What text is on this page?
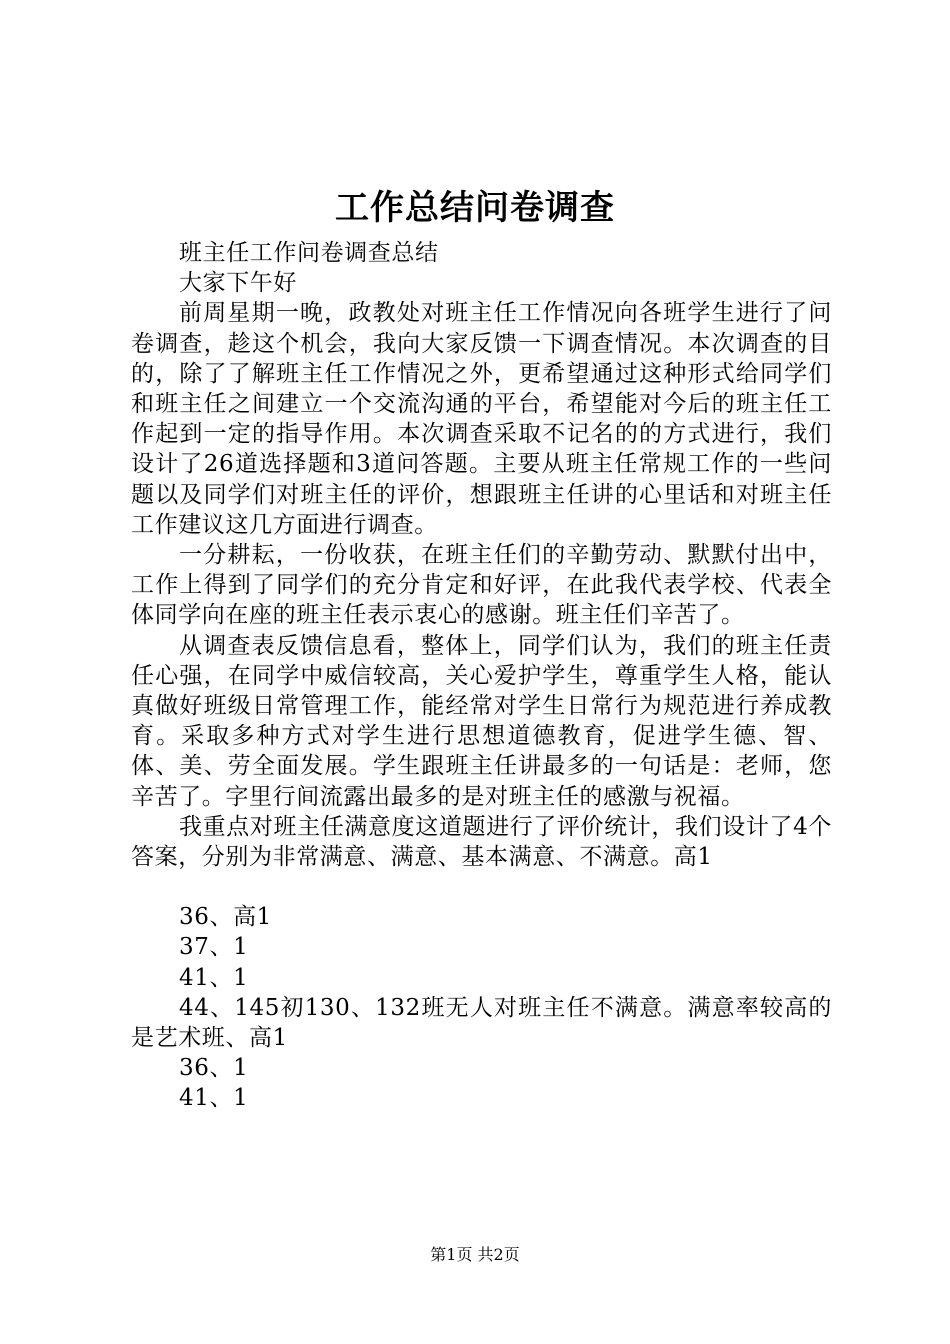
工作总结问卷调查

班主任工作问卷调查总结

大家下午好

前周星期一晚，政教处对班主任工作情况向各班学生进行了问卷调查，趁这个机会，我向大家反馈一下调查情况。本次调查的目的，除了了解班主任工作情况之外，更希望通过这种形式给同学们和班主任之间建立一个交流沟通的平台，希望能对今后的班主任工作起到一定的指导作用。本次调查采取不记名的的方式进行，我们设计了26道选择题和3道问答题。主要从班主任常规工作的一些问题以及同学们对班主任的评价，想跟班主任讲的心里话和对班主任工作建议这几方面进行调查。

一分耕耘，一份收获，在班主任们的辛勤劳动、默默付出中，工作上得到了同学们的充分肯定和好评，在此我代表学校、代表全体同学向在座的班主任表示衷心的感谢。班主任们辛苦了。

从调查表反馈信息看，整体上，同学们认为，我们的班主任责任心强，在同学中威信较高，关心爱护学生，尊重学生人格，能认真做好班级日常管理工作，能经常对学生日常行为规范进行养成教育。采取多种方式对学生进行思想道德教育，促进学生德、智、体、美、劳全面发展。学生跟班主任讲最多的一句话是：老师，您辛苦了。字里行间流露出最多的是对班主任的感激与祝福。

我重点对班主任满意度这道题进行了评价统计，我们设计了4个答案，分别为非常满意、满意、基本满意、不满意。高1

36、高1

37、1

41、1

44、145初130、132班无人对班主任不满意。满意率较高的是艺术班、高1

36、1

41、1

第1页 共2页
